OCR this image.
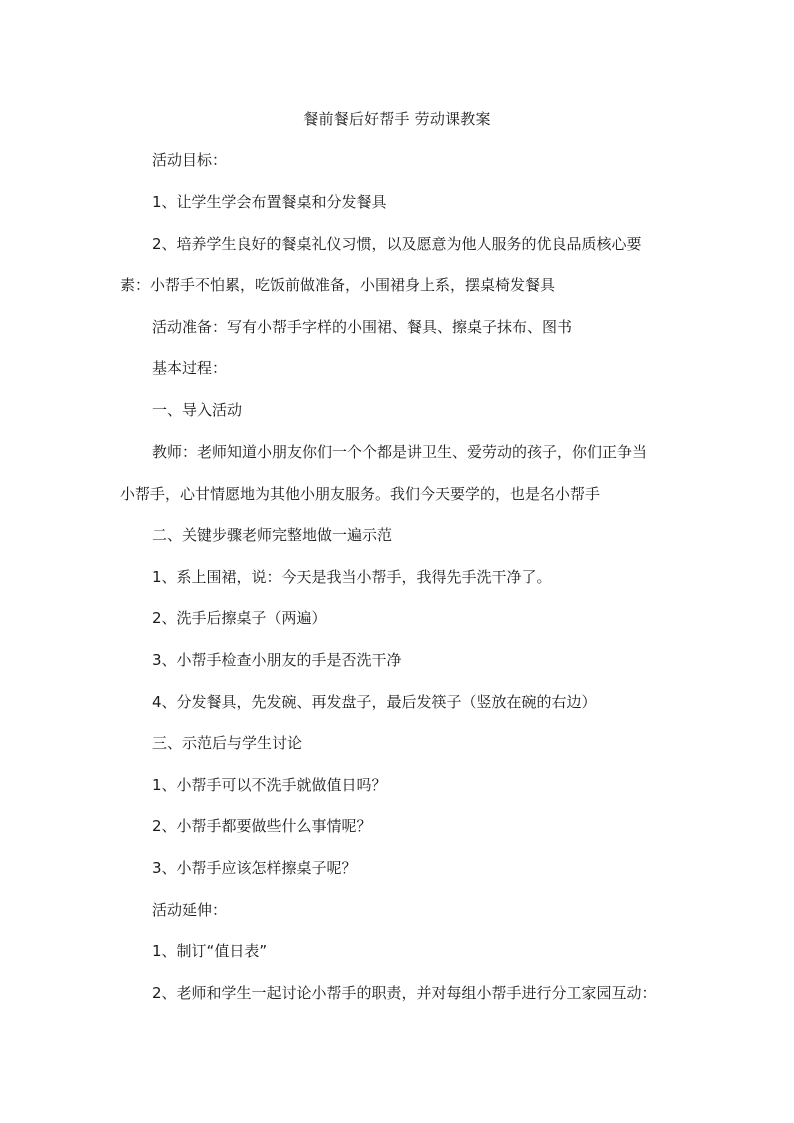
餐前餐后好帮手 劳动课教案
活动目标：
1、让学生学会布置餐桌和分发餐具
2、培养学生良好的餐桌礼仪习惯，以及愿意为他人服务的优良品质核心要
素：小帮手不怕累，吃饭前做准备，小围裙身上系，摆桌椅发餐具
活动准备：写有小帮手字样的小围裙、餐具、擦桌子抹布、图书
基本过程：
一、导入活动
教师：老师知道小朋友你们一个个都是讲卫生、爱劳动的孩子，你们正争当
小帮手，心甘情愿地为其他小朋友服务。我们今天要学的，也是名小帮手
二、关键步骤老师完整地做一遍示范
1、系上围裙，说：今天是我当小帮手，我得先手洗干净了。
2、洗手后擦桌子（两遍）
3、小帮手检查小朋友的手是否洗干净
4、分发餐具，先发碗、再发盘子，最后发筷子（竖放在碗的右边）
三、示范后与学生讨论
1、小帮手可以不洗手就做值日吗？
2、小帮手都要做些什么事情呢？
3、小帮手应该怎样擦桌子呢？
活动延伸：
1、制订“值日表”
2、老师和学生一起讨论小帮手的职责，并对每组小帮手进行分工家园互动：
